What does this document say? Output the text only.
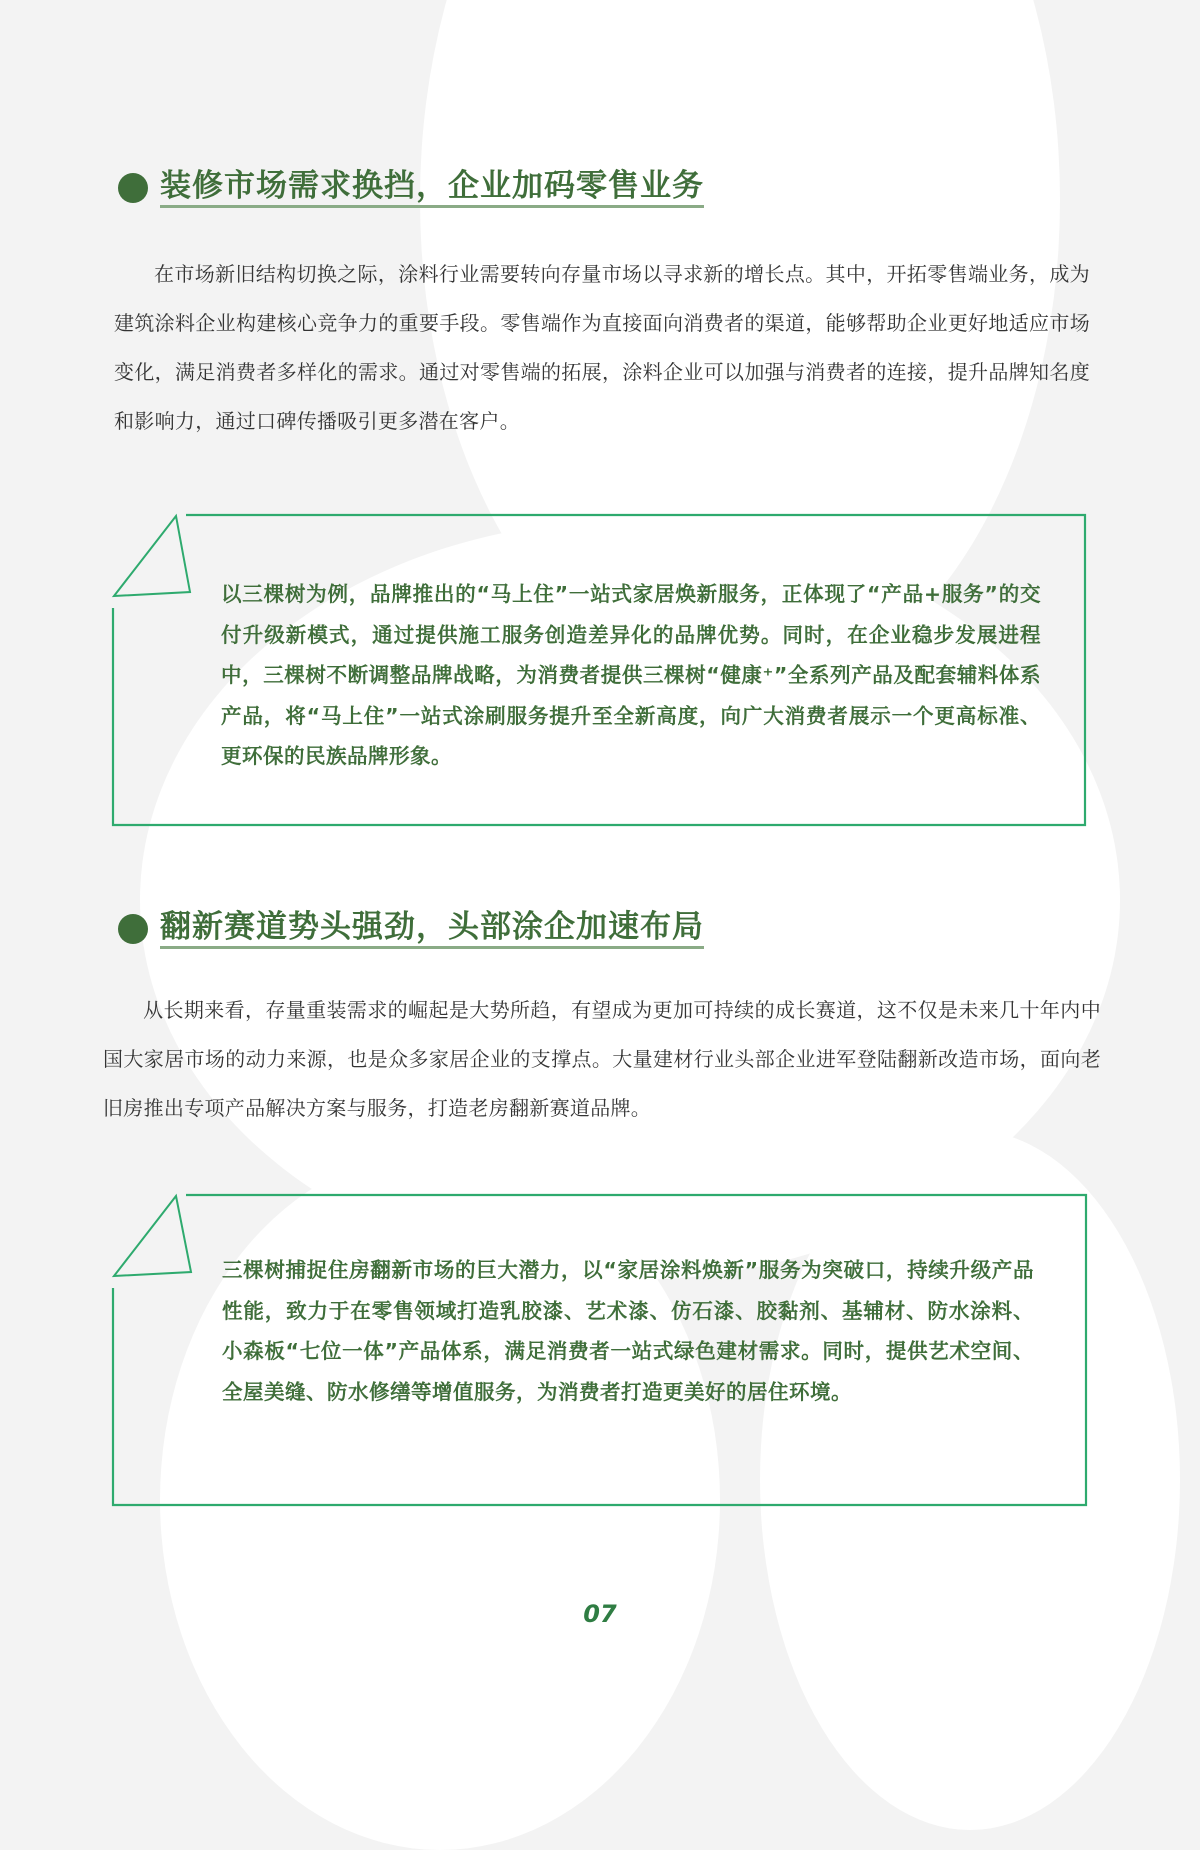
装修市场需求换挡，企业加码零售业务
在市场新旧结构切换之际，涂料行业需要转向存量市场以寻求新的增长点。其中，开拓零售端业务，成为建筑涂料企业构建核心竞争力的重要手段。零售端作为直接面向消费者的渠道，能够帮助企业更好地适应市场变化，满足消费者多样化的需求。通过对零售端的拓展，涂料企业可以加强与消费者的连接，提升品牌知名度和影响力，通过口碑传播吸引更多潜在客户。
以三棵树为例，品牌推出的“马上住”一站式家居焕新服务，正体现了“产品+服务”的交付升级新模式，通过提供施工服务创造差异化的品牌优势。同时，在企业稳步发展进程中，三棵树不断调整品牌战略，为消费者提供三棵树“健康⁺”全系列产品及配套辅料体系产品，将“马上住”一站式涂刷服务提升至全新高度，向广大消费者展示一个更高标准、更环保的民族品牌形象。
翻新赛道势头强劲，头部涂企加速布局
从长期来看，存量重装需求的崛起是大势所趋，有望成为更加可持续的成长赛道，这不仅是未来几十年内中国大家居市场的动力来源，也是众多家居企业的支撑点。大量建材行业头部企业进军登陆翻新改造市场，面向老旧房推出专项产品解决方案与服务，打造老房翻新赛道品牌。
三棵树捕捉住房翻新市场的巨大潜力，以“家居涂料焕新”服务为突破口，持续升级产品性能，致力于在零售领域打造乳胶漆、艺术漆、仿石漆、胶黏剂、基辅材、防水涂料、小森板“七位一体”产品体系，满足消费者一站式绿色建材需求。同时，提供艺术空间、全屋美缝、防水修缮等增值服务，为消费者打造更美好的居住环境。
07
